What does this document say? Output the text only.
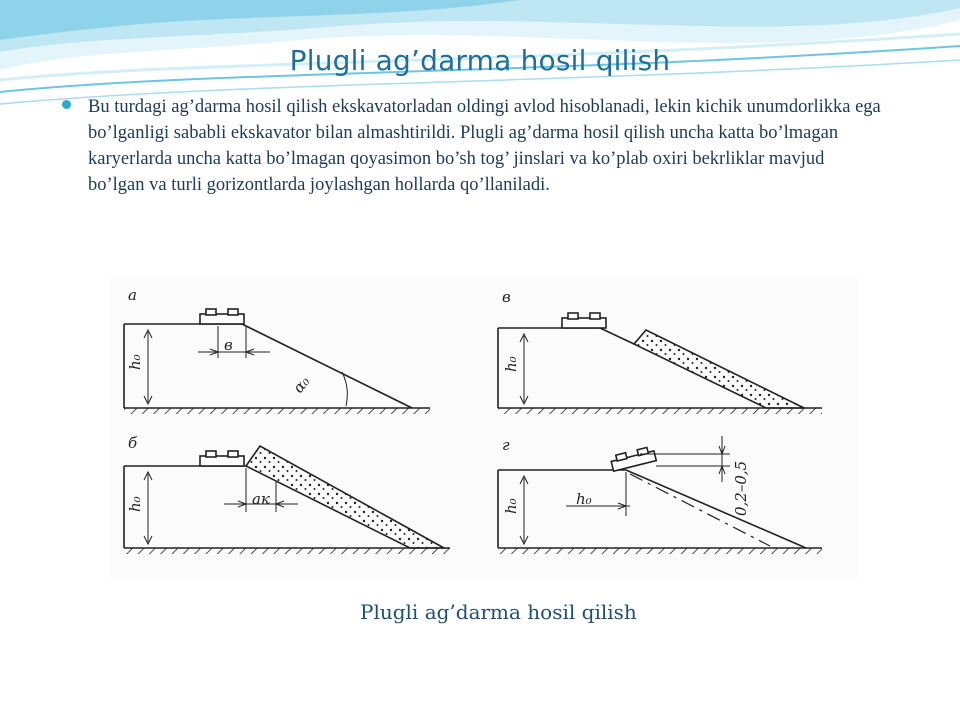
Plugli ag’darma hosil qilish
Bu turdagi ag’darma hosil qilish ekskavatorladan oldingi avlod hisoblanadi, lekin kichik unumdorlikka ega bo’lganligi sababli ekskavator bilan almashtirildi. Plugli ag’darma hosil qilish uncha katta bo’lmagan karyerlarda uncha katta bo’lmagan qoyasimon bo’sh tog’ jinslari va ko’plab oxiri bekrliklar mavjud bo’lgan va turli gorizontlarda joylashgan hollarda qo’llaniladi.
а
h₀
в
α₀
в
h₀
б
h₀	aк
г
h₀	h₀	0,2–0,5
Plugli ag’darma hosil qilish
